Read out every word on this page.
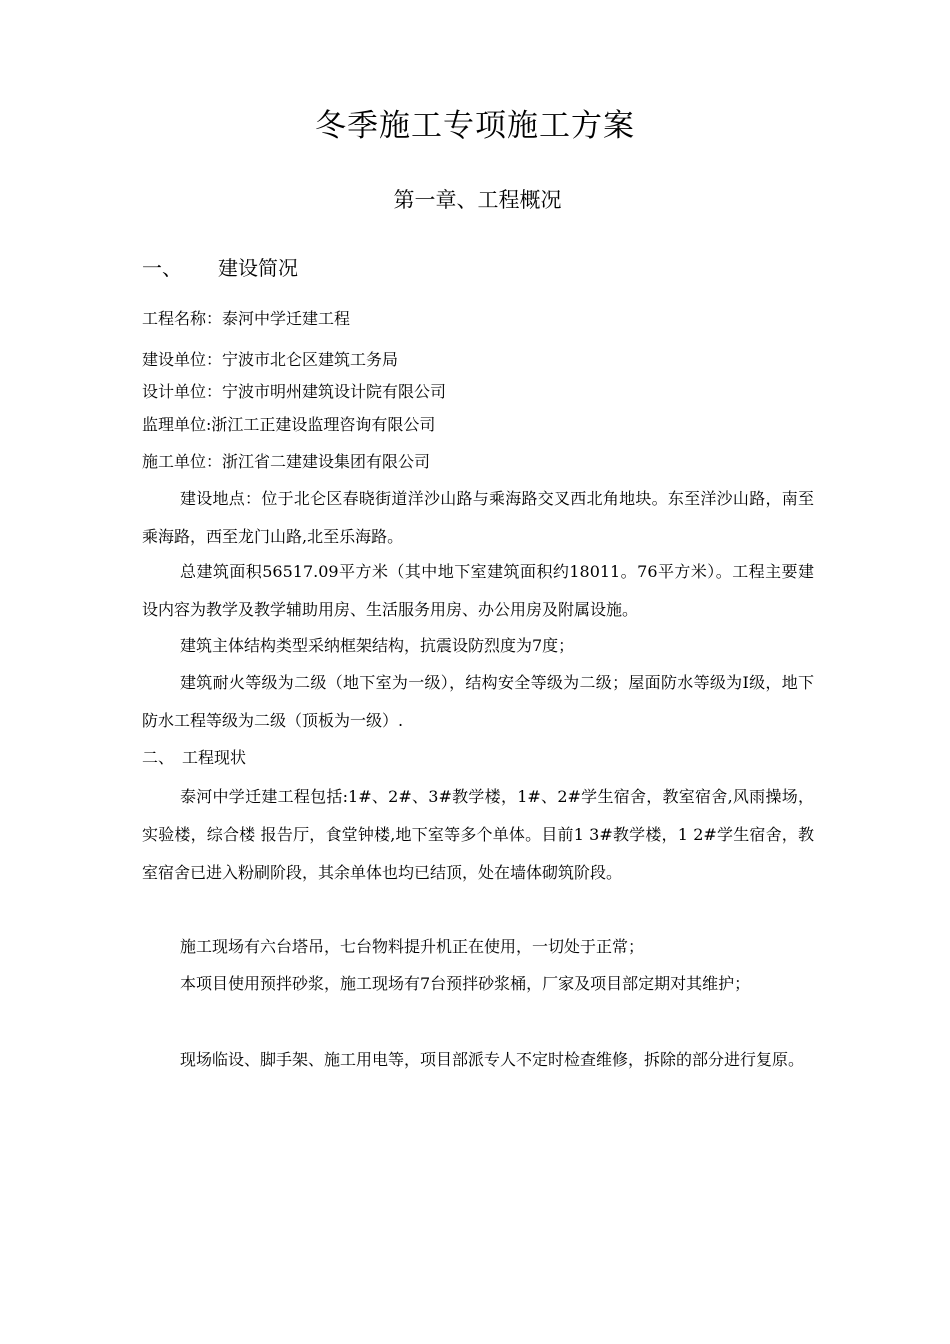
冬季施工专项施工方案
第一章、工程概况
一、 建设简况
工程名称：泰河中学迁建工程
建设单位：宁波市北仑区建筑工务局
设计单位：宁波市明州建筑设计院有限公司
监理单位:浙江工正建设监理咨询有限公司
施工单位：浙江省二建建设集团有限公司
建设地点：位于北仑区春晓街道洋沙山路与乘海路交叉西北角地块。东至洋沙山路，南至乘海路，西至龙门山路,北至乐海路。
总建筑面积56517.09平方米（其中地下室建筑面积约18011。76平方米）。工程主要建设内容为教学及教学辅助用房、生活服务用房、办公用房及附属设施。
建筑主体结构类型采纳框架结构，抗震设防烈度为7度；
建筑耐火等级为二级（地下室为一级），结构安全等级为二级；屋面防水等级为I级，地下防水工程等级为二级（顶板为一级）.
二、 工程现状
泰河中学迁建工程包括:1#、2#、3#教学楼，1#、2#学生宿舍，教室宿舍,风雨操场，实验楼，综合楼 报告厅，食堂钟楼,地下室等多个单体。目前1 3#教学楼，1 2#学生宿舍，教室宿舍已进入粉刷阶段，其余单体也均已结顶，处在墙体砌筑阶段。
施工现场有六台塔吊，七台物料提升机正在使用，一切处于正常；
本项目使用预拌砂浆，施工现场有7台预拌砂浆桶，厂家及项目部定期对其维护；
现场临设、脚手架、施工用电等，项目部派专人不定时检查维修，拆除的部分进行复原。
